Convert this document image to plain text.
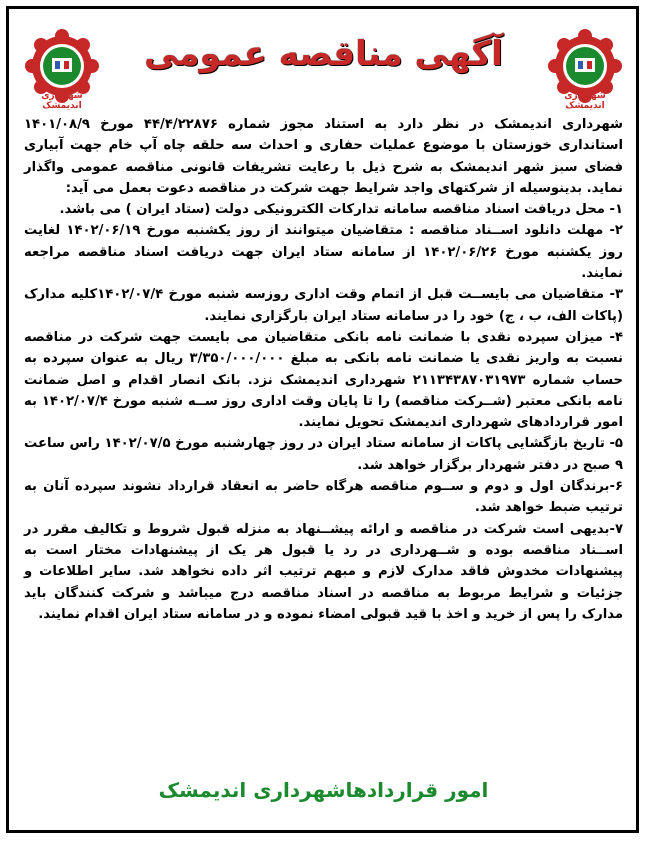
شهرداری اندیمشک
شهرداری اندیمشک
آگهی مناقصه عمومی

شهرداری اندیمشک در نظر دارد به استناد مجوز شماره ۴۴/۴/۲۲۸۷۶ مورخ ۱۴۰۱/۰۸/۹ استانداری خوزستان با موضوع عملیات حفاری و احداث سه حلقه چاه آپ خام جهت آبیاری فضای سبز شهر اندیمشک به شرح ذیل با رعایت تشریفات قانونی مناقصه عمومی واگذار نماید. بدینوسیله از شرکتهای واجد شرایط جهت شرکت در مناقصه دعوت بعمل می آید:

۱- محل دریافت اسناد مناقصه سامانه تدارکات الکترونیکی دولت (ستاد ایران ) می باشد.

۲- مهلت دانلود اســناد مناقصه : متقاضیان میتوانند از روز یکشنبه مورخ ۱۴۰۲/۰۶/۱۹ لغایت روز یکشنبه مورخ ۱۴۰۲/۰۶/۲۶ از سامانه ستاد ایران جهت دریافت اسناد مناقصه مراجعه نمایند.

۳- متقاضیان می بایســت قبل از اتمام وقت اداری روزسه شنبه مورخ ۱۴۰۲/۰۷/۴کلیه مدارک (پاکات الف، ب ، ج) خود را در سامانه ستاد ایران بارگزاری نمایند.

۴- میزان سپرده نقدی با ضمانت نامه بانکی متقاضیان می بایست جهت شرکت در مناقصه نسبت به واریز نقدی یا ضمانت نامه بانکی به مبلغ ۳/۳۵۰/۰۰۰/۰۰۰ ریال به عنوان سپرده به حساب شماره ۲۱۱۳۴۳۸۷۰۳۱۹۷۳ شهرداری اندیمشک نزد. بانک انصار اقدام و اصل ضمانت نامه بانکی معتبر (شــرکت مناقصه) را تا پایان وقت اداری روز ســه شنبه مورخ ۱۴۰۲/۰۷/۴ به امور قراردادهای شهرداری اندیمشک تحویل نمایند.

۵- تاریخ بازگشایی پاکات از سامانه ستاد ایران در روز چهارشنبه مورخ ۱۴۰۲/۰۷/۵ راس ساعت ۹ صبح در دفتر شهردار برگزار خواهد شد.

۶-برندگان اول و دوم و ســوم مناقصه هرگاه حاضر به انعقاد قرارداد نشوند سپرده آنان به ترتیب ضبط خواهد شد.

۷-بدیهی است شرکت در مناقصه و ارائه پیشــنهاد به منزله قبول شروط و تکالیف مقرر در اســناد مناقصه بوده و شــهرداری در رد یا قبول هر یک از پیشنهادات مختار است به پیشنهادات مخدوش فاقد مدارک لازم و مبهم ترتیب اثر داده نخواهد شد. سایر اطلاعات و جزئیات و شرایط مربوط به مناقصه در اسناد مناقصه درج میباشد و شرکت کنندگان باید مدارک را پس از خرید و اخذ با قید قبولی امضاء نموده و در سامانه ستاد ایران اقدام نمایند.

امور قراردادهاشهرداری اندیمشک
